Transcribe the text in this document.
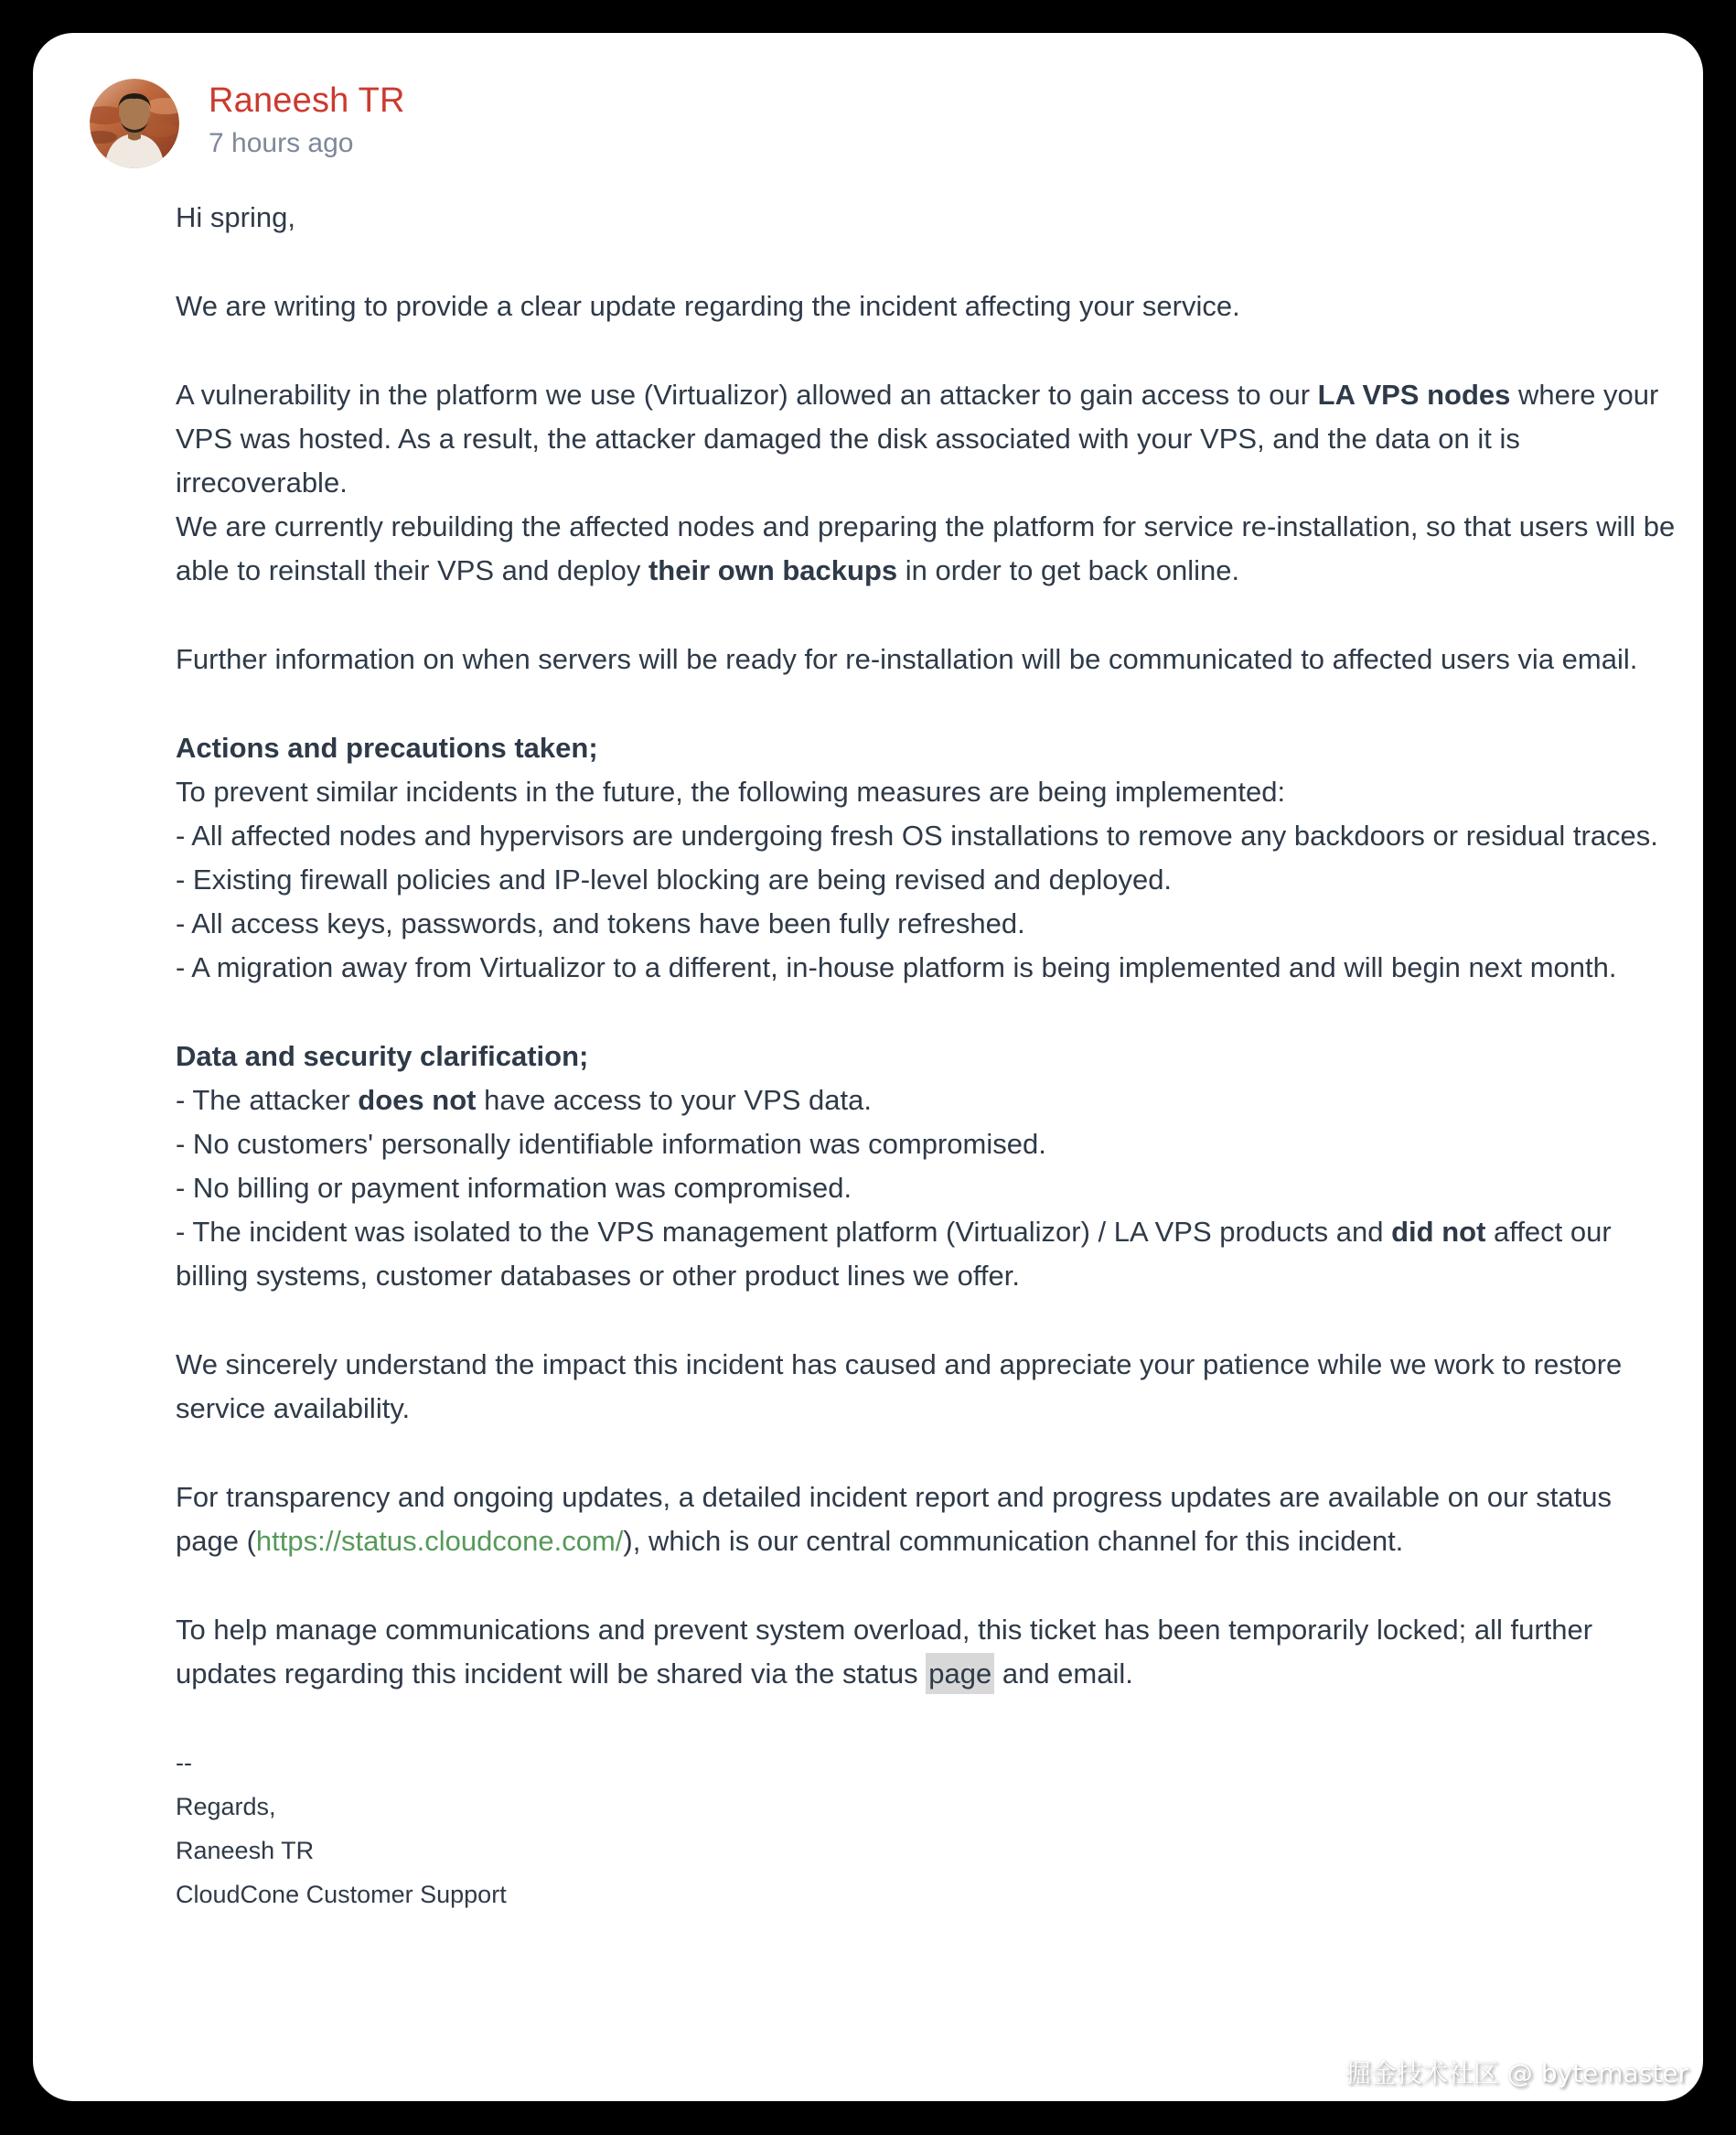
Raneesh TR
7 hours ago

Hi spring,

We are writing to provide a clear update regarding the incident affecting your service.

A vulnerability in the platform we use (Virtualizor) allowed an attacker to gain access to our LA VPS nodes where your VPS was hosted. As a result, the attacker damaged the disk associated with your VPS, and the data on it is irrecoverable.
We are currently rebuilding the affected nodes and preparing the platform for service re-installation, so that users will be able to reinstall their VPS and deploy their own backups in order to get back online.

Further information on when servers will be ready for re-installation will be communicated to affected users via email.

Actions and precautions taken;
To prevent similar incidents in the future, the following measures are being implemented:
- All affected nodes and hypervisors are undergoing fresh OS installations to remove any backdoors or residual traces.
- Existing firewall policies and IP-level blocking are being revised and deployed.
- All access keys, passwords, and tokens have been fully refreshed.
- A migration away from Virtualizor to a different, in-house platform is being implemented and will begin next month.

Data and security clarification;
- The attacker does not have access to your VPS data.
- No customers' personally identifiable information was compromised.
- No billing or payment information was compromised.
- The incident was isolated to the VPS management platform (Virtualizor) / LA VPS products and did not affect our billing systems, customer databases or other product lines we offer.

We sincerely understand the impact this incident has caused and appreciate your patience while we work to restore service availability.

For transparency and ongoing updates, a detailed incident report and progress updates are available on our status page (https://status.cloudcone.com/), which is our central communication channel for this incident.

To help manage communications and prevent system overload, this ticket has been temporarily locked; all further updates regarding this incident will be shared via the status page and email.

--

Regards,

Raneesh TR

CloudCone Customer Support

掘金技术社区 @ bytemaster
